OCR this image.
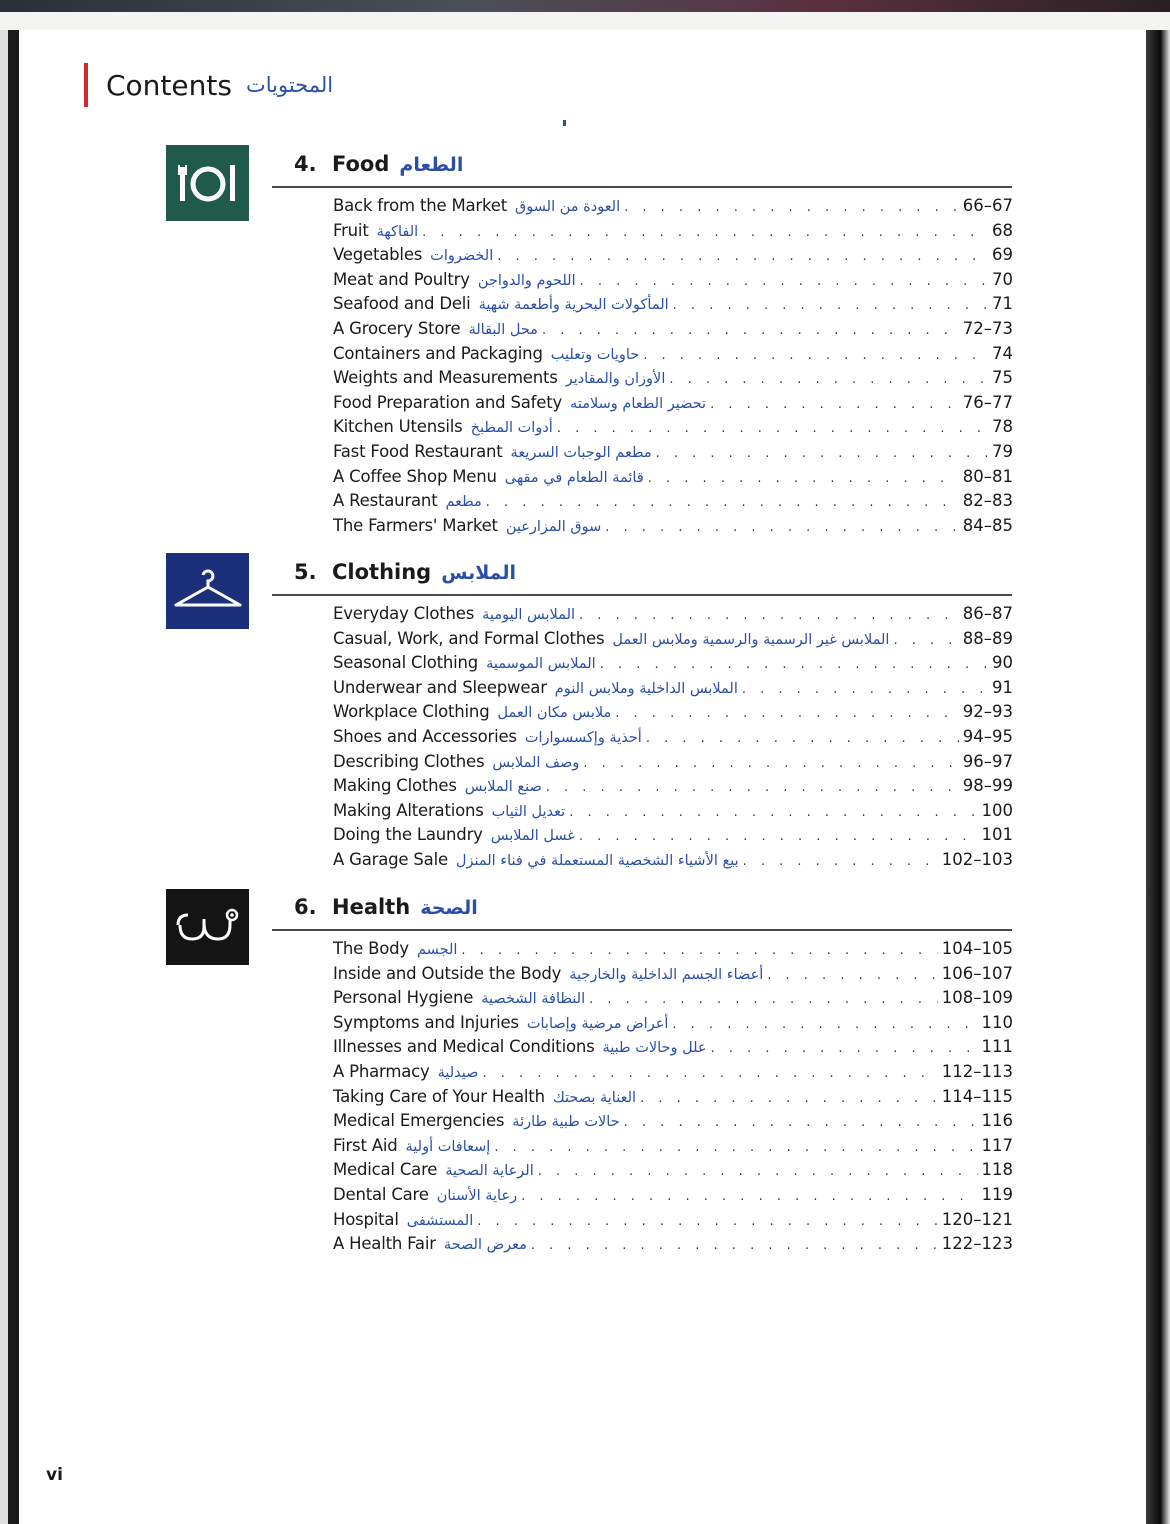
Contents المحتويات
4. Food الطعام
Back from the Market العودة من السوق . . .	66–67
Fruit الفاكهة . . .	68
Vegetables الخضروات . . .	69
Meat and Poultry اللحوم والدواجن . . .	70
Seafood and Deli المأكولات البحرية وأطعمة شهية . . .	71
A Grocery Store محل البقالة . . .	72–73
Containers and Packaging حاويات وتعليب . . .	74
Weights and Measurements الأوزان والمقادير . . .	75
Food Preparation and Safety تحضير الطعام وسلامته . . .	76–77
Kitchen Utensils أدوات المطبخ . . .	78
Fast Food Restaurant مطعم الوجبات السريعة . . .	79
A Coffee Shop Menu قائمة الطعام في مقهى . . .	80–81
A Restaurant مطعم . . .	82–83
The Farmers' Market سوق المزارعين . . .	84–85
5. Clothing الملابس
Everyday Clothes الملابس اليومية . . .	86–87
Casual, Work, and Formal Clothes الملابس غير الرسمية والرسمية وملابس العمل . . .	88–89
Seasonal Clothing الملابس الموسمية . . .	90
Underwear and Sleepwear الملابس الداخلية وملابس النوم . . .	91
Workplace Clothing ملابس مكان العمل . . .	92–93
Shoes and Accessories أحذية وإكسسوارات . . .	94–95
Describing Clothes وصف الملابس . . .	96–97
Making Clothes صنع الملابس . . .	98–99
Making Alterations تعديل الثياب . . .	100
Doing the Laundry غسل الملابس . . .	101
A Garage Sale بيع الأشياء الشخصية المستعملة في فناء المنزل . . .	102–103
6. Health الصحة
The Body الجسم . . .	104–105
Inside and Outside the Body أعضاء الجسم الداخلية والخارجية . . .	106–107
Personal Hygiene النظافة الشخصية . . .	108–109
Symptoms and Injuries أعراض مرضية وإصابات . . .	110
Illnesses and Medical Conditions علل وحالات طبية . . .	111
A Pharmacy صيدلية . . .	112–113
Taking Care of Your Health العناية بصحتك . . .	114–115
Medical Emergencies حالات طبية طارئة . . .	116
First Aid إسعافات أولية . . .	117
Medical Care الرعاية الصحية . . .	118
Dental Care رعاية الأسنان . . .	119
Hospital المستشفى . . .	120–121
A Health Fair معرض الصحة . . .	122–123
vi
